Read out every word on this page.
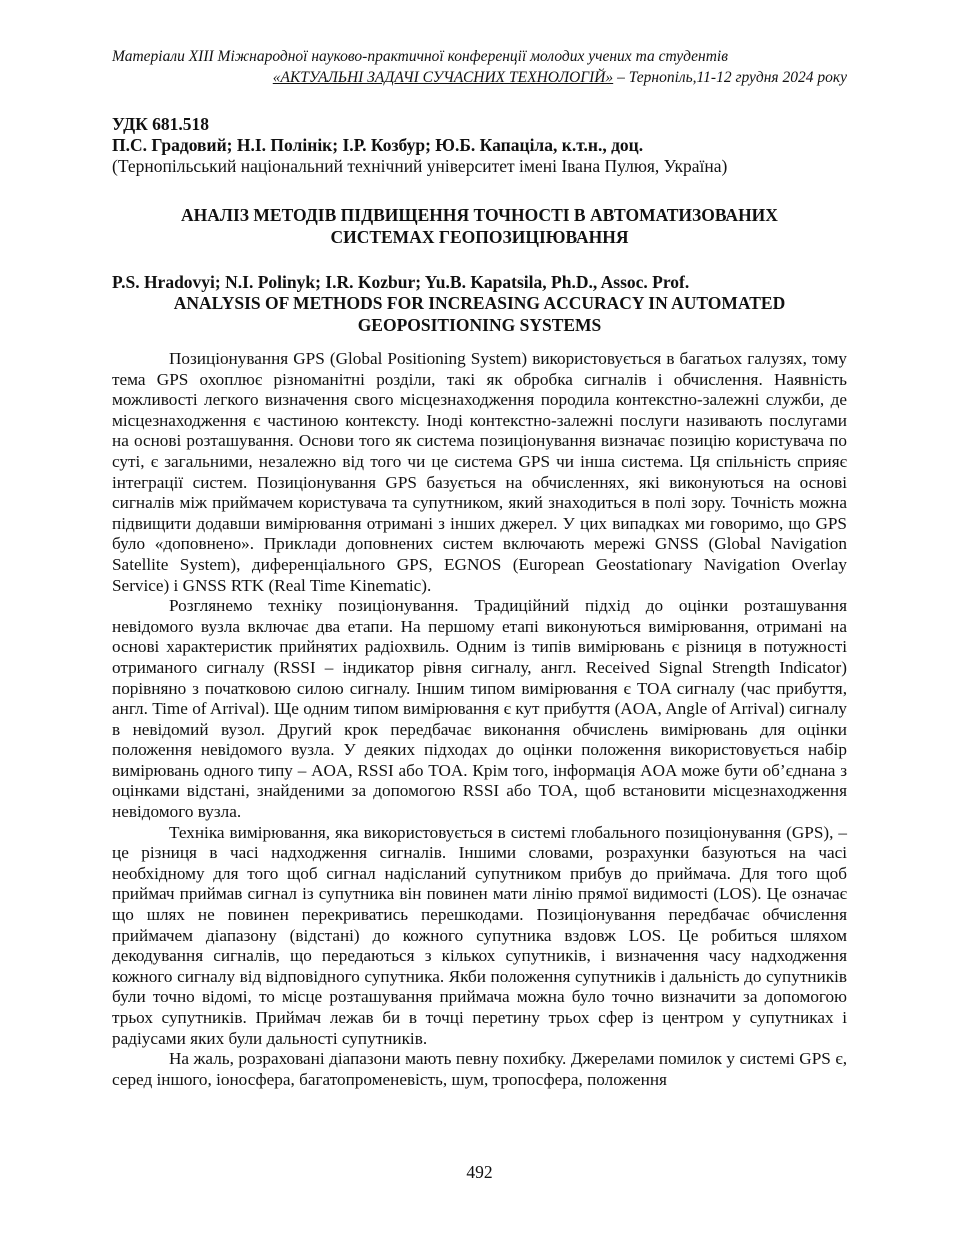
Матеріали XIII Міжнародної науково-практичної конференції молодих учених та студентів
«АКТУАЛЬНІ ЗАДАЧІ СУЧАСНИХ ТЕХНОЛОГІЙ» – Тернопіль,11-12 грудня 2024 року
УДК 681.518
П.С. Градовий; Н.І. Полінік; І.Р. Козбур; Ю.Б. Капаціла, к.т.н., доц.
(Тернопільський національний технічний університет імені Івана Пулюя, Україна)
АНАЛІЗ МЕТОДІВ ПІДВИЩЕННЯ ТОЧНОСТІ В АВТОМАТИЗОВАНИХ
СИСТЕМАХ ГЕОПОЗИЦІЮВАННЯ
P.S. Hradovyi; N.I. Polinyk; I.R. Kozbur; Yu.B. Kapatsila, Ph.D., Assoc. Prof.
ANALYSIS OF METHODS FOR INCREASING ACCURACY IN AUTOMATED
GEOPOSITIONING SYSTEMS

Позиціонування GPS (Global Positioning System) використовується в багатьох галузях, тому тема GPS охоплює різноманітні розділи, такі як обробка сигналів і обчислення. Наявність можливості легкого визначення свого місцезнаходження породила контекстно-залежні служби, де місцезнаходження є частиною контексту. Іноді контекстно-залежні послуги називають послугами на основі розташування. Основи того як система позиціонування визначає позицію користувача по суті, є загальними, незалежно від того чи це система GPS чи інша система. Ця спільність сприяє інтеграції систем. Позиціонування GPS базується на обчисленнях, які виконуються на основі сигналів між приймачем користувача та супутником, який знаходиться в полі зору. Точність можна підвищити додавши вимірювання отримані з інших джерел. У цих випадках ми говоримо, що GPS було «доповнено». Приклади доповнених систем включають мережі GNSS (Global Navigation Satellite System), диференціального GPS, EGNOS (European Geostationary Navigation Overlay Service) і GNSS RTK (Real Time Kinematic).

Розглянемо техніку позиціонування. Традиційний підхід до оцінки розташування невідомого вузла включає два етапи. На першому етапі виконуються вимірювання, отримані на основі характеристик прийнятих радіохвиль. Одним із типів вимірювань є різниця в потужності отриманого сигналу (RSSI – індикатор рівня сигналу, англ. Received Signal Strength Indicator) порівняно з початковою силою сигналу. Іншим типом вимірювання є TOA сигналу (час прибуття, англ. Time of Arrival). Ще одним типом вимірювання є кут прибуття (AOA, Angle of Arrival) сигналу в невідомий вузол. Другий крок передбачає виконання обчислень вимірювань для оцінки положення невідомого вузла. У деяких підходах до оцінки положення використовується набір вимірювань одного типу – AOA, RSSI або TOA. Крім того, інформація AOA може бути об’єднана з оцінками відстані, знайденими за допомогою RSSI або TOA, щоб встановити місцезнаходження невідомого вузла.

Техніка вимірювання, яка використовується в системі глобального позиціонування (GPS), – це різниця в часі надходження сигналів. Іншими словами, розрахунки базуються на часі необхідному для того щоб сигнал надісланий супутником прибув до приймача. Для того щоб приймач приймав сигнал із супутника він повинен мати лінію прямої видимості (LOS). Це означає що шлях не повинен перекриватись перешкодами. Позиціонування передбачає обчислення приймачем діапазону (відстані) до кожного супутника вздовж LOS. Це робиться шляхом декодування сигналів, що передаються з кількох супутників, і визначення часу надходження кожного сигналу від відповідного супутника. Якби положення супутників і дальність до супутників були точно відомі, то місце розташування приймача можна було точно визначити за допомогою трьох супутників. Приймач лежав би в точці перетину трьох сфер із центром у супутниках і радіусами яких були дальності супутників.

На жаль, розраховані діапазони мають певну похибку. Джерелами помилок у системі GPS є, серед іншого, іоносфера, багатопроменевість, шум, тропосфера, положення

492
